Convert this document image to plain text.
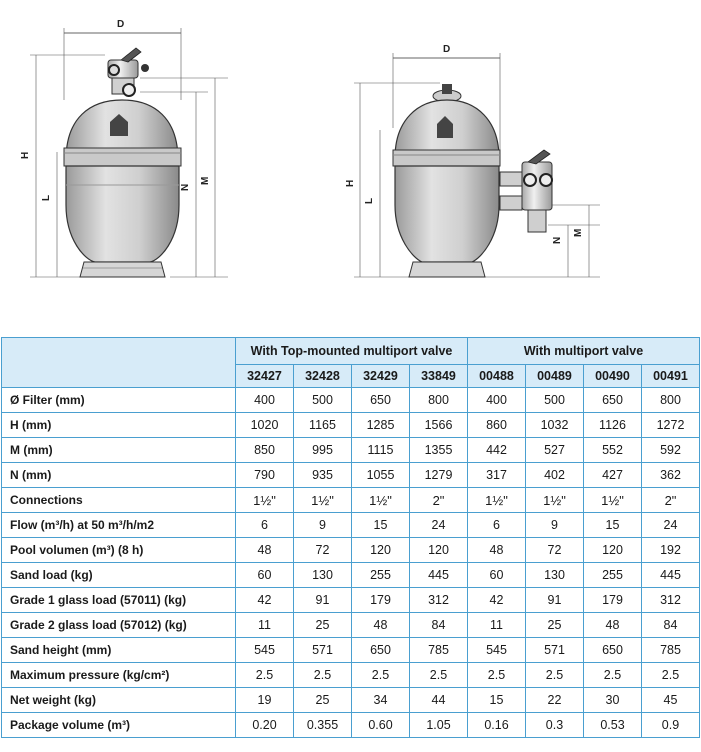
D
H
L
N
M
D
H
L
N
M
	With Top-mounted multiport valve				With multiport valve			
	32427	32428	32429	33849	00488	00489	00490	00491
Ø Filter (mm)	400	500	650	800	400	500	650	800
H (mm)	1020	1165	1285	1566	860	1032	1126	1272
M (mm)	850	995	1115	1355	442	527	552	592
N (mm)	790	935	1055	1279	317	402	427	362
Connections	1½"	1½"	1½"	2"	1½"	1½"	1½"	2"
Flow (m³/h) at 50 m³/h/m2	6	9	15	24	6	9	15	24
Pool volumen (m³) (8 h)	48	72	120	120	48	72	120	192
Sand load (kg)	60	130	255	445	60	130	255	445
Grade 1 glass load (57011) (kg)	42	91	179	312	42	91	179	312
Grade 2 glass load (57012) (kg)	11	25	48	84	11	25	48	84
Sand height (mm)	545	571	650	785	545	571	650	785
Maximum pressure (kg/cm²)	2.5	2.5	2.5	2.5	2.5	2.5	2.5	2.5
Net weight (kg)	19	25	34	44	15	22	30	45
Package volume (m³)	0.20	0.355	0.60	1.05	0.16	0.3	0.53	0.9
